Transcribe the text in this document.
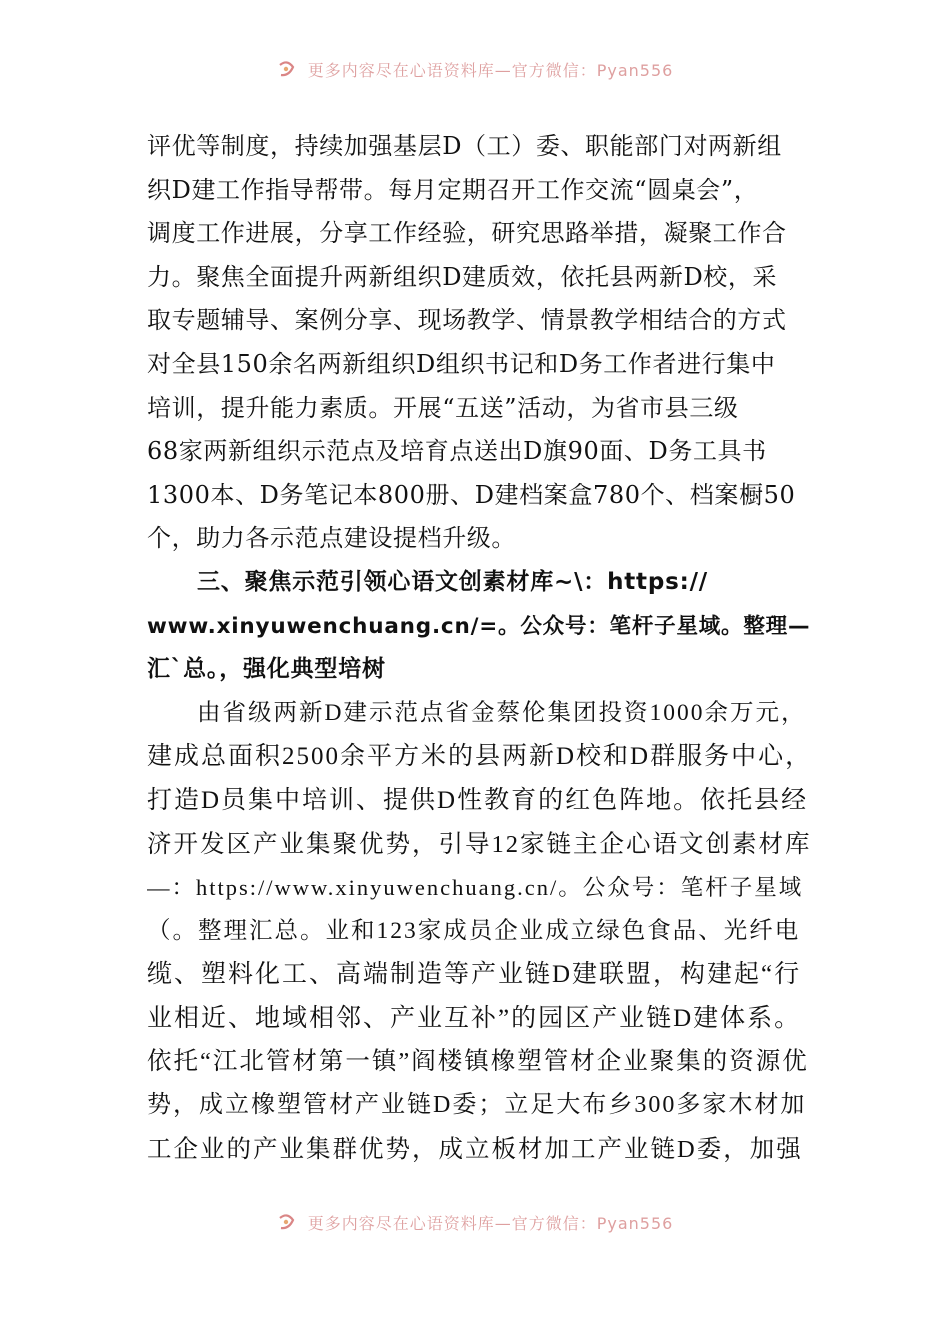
更多内容尽在心语资料库—官方微信：Pyan556
评优等制度，持续加强基层D（工）委、职能部门对两新组
织D建工作指导帮带。每月定期召开工作交流“圆桌会”，
调度工作进展，分享工作经验，研究思路举措，凝聚工作合
力。聚焦全面提升两新组织D建质效，依托县两新D校，采
取专题辅导、案例分享、现场教学、情景教学相结合的方式
对全县150余名两新组织D组织书记和D务工作者进行集中
培训，提升能力素质。开展“五送”活动，为省市县三级
68家两新组织示范点及培育点送出D旗90面、D务工具书
1300本、D务笔记本800册、D建档案盒780个、档案橱50
个，助力各示范点建设提档升级。
三、聚焦示范引领心语文创素材库~\：https://
www.xinyuwenchuang.cn/=。公众号：笔杆子星域。整理—
汇`总。，强化典型培树
由省级两新D建示范点省金蔡伦集团投资1000余万元，
建成总面积2500余平方米的县两新D校和D群服务中心，
打造D员集中培训、提供D性教育的红色阵地。依托县经
济开发区产业集聚优势，引导12家链主企心语文创素材库
—：https://www.xinyuwenchuang.cn/。公众号：笔杆子星域
（。整理汇总。业和123家成员企业成立绿色食品、光纤电
缆、塑料化工、高端制造等产业链D建联盟，构建起“行
业相近、地域相邻、产业互补”的园区产业链D建体系。
依托“江北管材第一镇”阎楼镇橡塑管材企业聚集的资源优
势，成立橡塑管材产业链D委；立足大布乡300多家木材加
工企业的产业集群优势，成立板材加工产业链D委，加强
更多内容尽在心语资料库—官方微信：Pyan556
